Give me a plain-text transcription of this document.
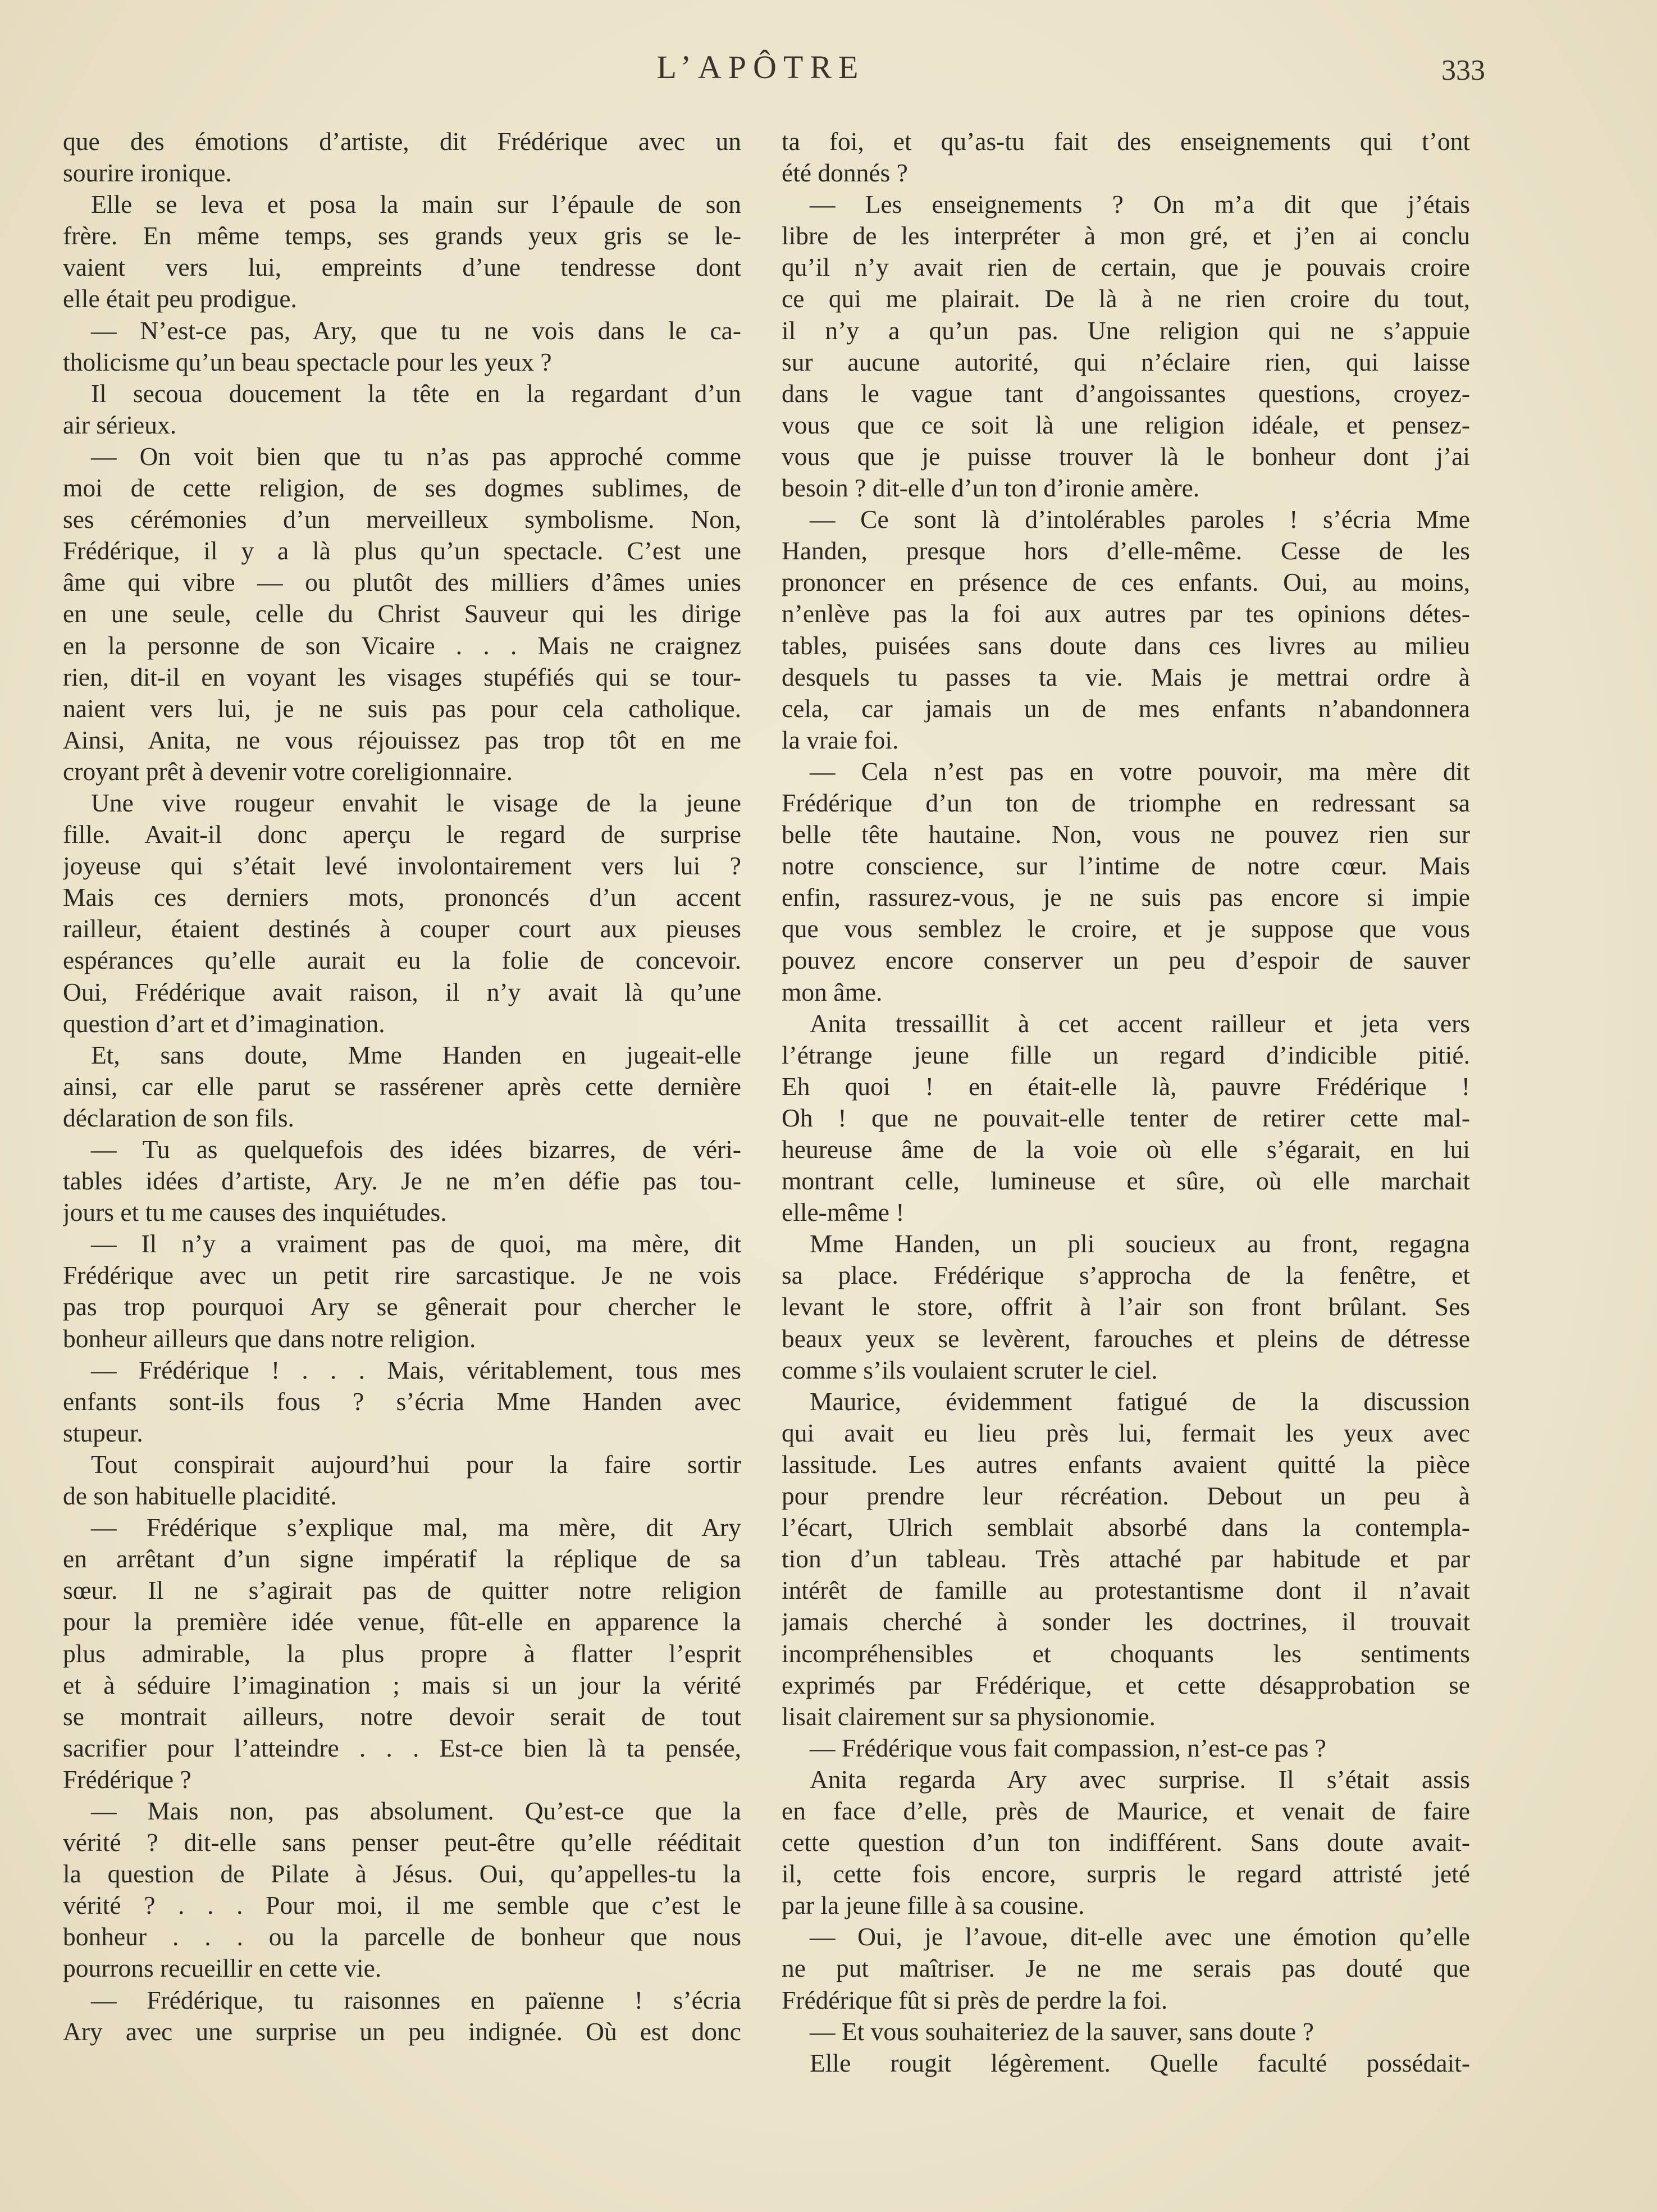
L’APÔTRE	333
que des émotions d’artiste, dit Frédérique avec un
sourire ironique.
Elle se leva et posa la main sur l’épaule de son
frère. En même temps, ses grands yeux gris se le-
vaient vers lui, empreints d’une tendresse dont
elle était peu prodigue.
— N’est-ce pas, Ary, que tu ne vois dans le ca-
tholicisme qu’un beau spectacle pour les yeux ?
Il secoua doucement la tête en la regardant d’un
air sérieux.
— On voit bien que tu n’as pas approché comme
moi de cette religion, de ses dogmes sublimes, de
ses cérémonies d’un merveilleux symbolisme. Non,
Frédérique, il y a là plus qu’un spectacle. C’est une
âme qui vibre — ou plutôt des milliers d’âmes unies
en une seule, celle du Christ Sauveur qui les dirige
en la personne de son Vicaire . . . Mais ne craignez
rien, dit-il en voyant les visages stupéfiés qui se tour-
naient vers lui, je ne suis pas pour cela catholique.
Ainsi, Anita, ne vous réjouissez pas trop tôt en me
croyant prêt à devenir votre coreligionnaire.
Une vive rougeur envahit le visage de la jeune
fille. Avait-il donc aperçu le regard de surprise
joyeuse qui s’était levé involontairement vers lui ?
Mais ces derniers mots, prononcés d’un accent
railleur, étaient destinés à couper court aux pieuses
espérances qu’elle aurait eu la folie de concevoir.
Oui, Frédérique avait raison, il n’y avait là qu’une
question d’art et d’imagination.
Et, sans doute, Mme Handen en jugeait-elle
ainsi, car elle parut se rassérener après cette dernière
déclaration de son fils.
— Tu as quelquefois des idées bizarres, de véri-
tables idées d’artiste, Ary. Je ne m’en défie pas tou-
jours et tu me causes des inquiétudes.
— Il n’y a vraiment pas de quoi, ma mère, dit
Frédérique avec un petit rire sarcastique. Je ne vois
pas trop pourquoi Ary se gênerait pour chercher le
bonheur ailleurs que dans notre religion.
— Frédérique ! . . . Mais, véritablement, tous mes
enfants sont-ils fous ? s’écria Mme Handen avec
stupeur.
Tout conspirait aujourd’hui pour la faire sortir
de son habituelle placidité.
— Frédérique s’explique mal, ma mère, dit Ary
en arrêtant d’un signe impératif la réplique de sa
sœur. Il ne s’agirait pas de quitter notre religion
pour la première idée venue, fût-elle en apparence la
plus admirable, la plus propre à flatter l’esprit
et à séduire l’imagination ; mais si un jour la vérité
se montrait ailleurs, notre devoir serait de tout
sacrifier pour l’atteindre . . . Est-ce bien là ta pensée,
Frédérique ?
— Mais non, pas absolument. Qu’est-ce que la
vérité ? dit-elle sans penser peut-être qu’elle rééditait
la question de Pilate à Jésus. Oui, qu’appelles-tu la
vérité ? . . . Pour moi, il me semble que c’est le
bonheur . . . ou la parcelle de bonheur que nous
pourrons recueillir en cette vie.
— Frédérique, tu raisonnes en païenne ! s’écria
Ary avec une surprise un peu indignée. Où est donc
ta foi, et qu’as-tu fait des enseignements qui t’ont
été donnés ?
— Les enseignements ? On m’a dit que j’étais
libre de les interpréter à mon gré, et j’en ai conclu
qu’il n’y avait rien de certain, que je pouvais croire
ce qui me plairait. De là à ne rien croire du tout,
il n’y a qu’un pas. Une religion qui ne s’appuie
sur aucune autorité, qui n’éclaire rien, qui laisse
dans le vague tant d’angoissantes questions, croyez-
vous que ce soit là une religion idéale, et pensez-
vous que je puisse trouver là le bonheur dont j’ai
besoin ? dit-elle d’un ton d’ironie amère.
— Ce sont là d’intolérables paroles ! s’écria Mme
Handen, presque hors d’elle-même. Cesse de les
prononcer en présence de ces enfants. Oui, au moins,
n’enlève pas la foi aux autres par tes opinions détes-
tables, puisées sans doute dans ces livres au milieu
desquels tu passes ta vie. Mais je mettrai ordre à
cela, car jamais un de mes enfants n’abandonnera
la vraie foi.
— Cela n’est pas en votre pouvoir, ma mère dit
Frédérique d’un ton de triomphe en redressant sa
belle tête hautaine. Non, vous ne pouvez rien sur
notre conscience, sur l’intime de notre cœur. Mais
enfin, rassurez-vous, je ne suis pas encore si impie
que vous semblez le croire, et je suppose que vous
pouvez encore conserver un peu d’espoir de sauver
mon âme.
Anita tressaillit à cet accent railleur et jeta vers
l’étrange jeune fille un regard d’indicible pitié.
Eh quoi ! en était-elle là, pauvre Frédérique !
Oh ! que ne pouvait-elle tenter de retirer cette mal-
heureuse âme de la voie où elle s’égarait, en lui
montrant celle, lumineuse et sûre, où elle marchait
elle-même !
Mme Handen, un pli soucieux au front, regagna
sa place. Frédérique s’approcha de la fenêtre, et
levant le store, offrit à l’air son front brûlant. Ses
beaux yeux se levèrent, farouches et pleins de détresse
comme s’ils voulaient scruter le ciel.
Maurice, évidemment fatigué de la discussion
qui avait eu lieu près lui, fermait les yeux avec
lassitude. Les autres enfants avaient quitté la pièce
pour prendre leur récréation. Debout un peu à
l’écart, Ulrich semblait absorbé dans la contempla-
tion d’un tableau. Très attaché par habitude et par
intérêt de famille au protestantisme dont il n’avait
jamais cherché à sonder les doctrines, il trouvait
incompréhensibles et choquants les sentiments
exprimés par Frédérique, et cette désapprobation se
lisait clairement sur sa physionomie.
— Frédérique vous fait compassion, n’est-ce pas ?
Anita regarda Ary avec surprise. Il s’était assis
en face d’elle, près de Maurice, et venait de faire
cette question d’un ton indifférent. Sans doute avait-
il, cette fois encore, surpris le regard attristé jeté
par la jeune fille à sa cousine.
— Oui, je l’avoue, dit-elle avec une émotion qu’elle
ne put maîtriser. Je ne me serais pas douté que
Frédérique fût si près de perdre la foi.
— Et vous souhaiteriez de la sauver, sans doute ?
Elle rougit légèrement. Quelle faculté possédait-
